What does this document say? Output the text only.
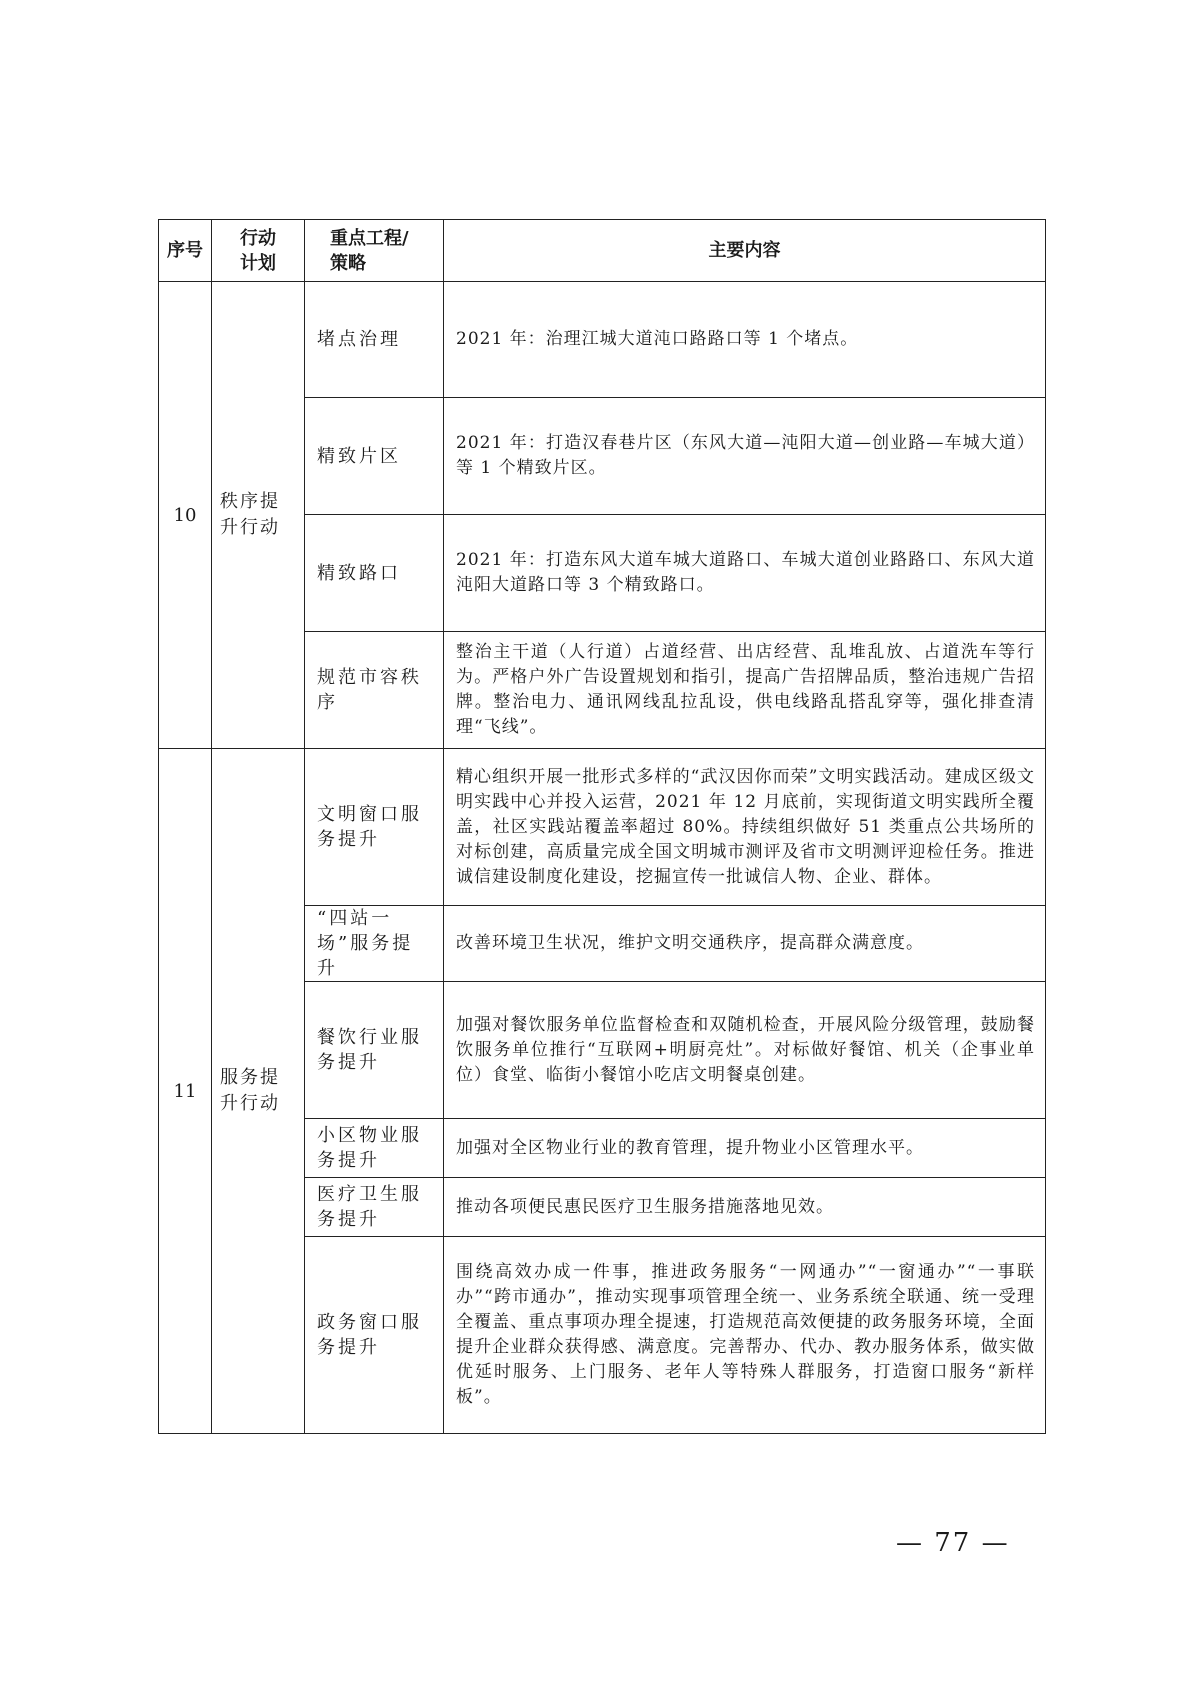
序号	行动计划	重点工程/策略	主要内容
10	秩序提升行动	堵点治理	2021 年：治理江城大道沌口路路口等 1 个堵点。
		精致片区	2021 年：打造汉春巷片区（东风大道—沌阳大道—创业路—车城大道）等 1 个精致片区。
		精致路口	2021 年：打造东风大道车城大道路口、车城大道创业路路口、东风大道沌阳大道路口等 3 个精致路口。
		规范市容秩序	整治主干道（人行道）占道经营、出店经营、乱堆乱放、占道洗车等行为。严格户外广告设置规划和指引，提高广告招牌品质，整治违规广告招牌。整治电力、通讯网线乱拉乱设，供电线路乱搭乱穿等，强化排查清理“飞线”。
11	服务提升行动	文明窗口服务提升	精心组织开展一批形式多样的“武汉因你而荣”文明实践活动。建成区级文明实践中心并投入运营，2021 年 12 月底前，实现街道文明实践所全覆盖，社区实践站覆盖率超过 80%。持续组织做好 51 类重点公共场所的对标创建，高质量完成全国文明城市测评及省市文明测评迎检任务。推进诚信建设制度化建设，挖掘宣传一批诚信人物、企业、群体。
		“四站一场”服务提升	改善环境卫生状况，维护文明交通秩序，提高群众满意度。
		餐饮行业服务提升	加强对餐饮服务单位监督检查和双随机检查，开展风险分级管理，鼓励餐饮服务单位推行“互联网+明厨亮灶”。对标做好餐馆、机关（企事业单位）食堂、临街小餐馆小吃店文明餐桌创建。
		小区物业服务提升	加强对全区物业行业的教育管理，提升物业小区管理水平。
		医疗卫生服务提升	推动各项便民惠民医疗卫生服务措施落地见效。
		政务窗口服务提升	围绕高效办成一件事，推进政务服务“一网通办”“一窗通办”“一事联办”“跨市通办”，推动实现事项管理全统一、业务系统全联通、统一受理全覆盖、重点事项办理全提速，打造规范高效便捷的政务服务环境，全面提升企业群众获得感、满意度。完善帮办、代办、教办服务体系，做实做优延时服务、上门服务、老年人等特殊人群服务，打造窗口服务“新样板”。
— 77 —
